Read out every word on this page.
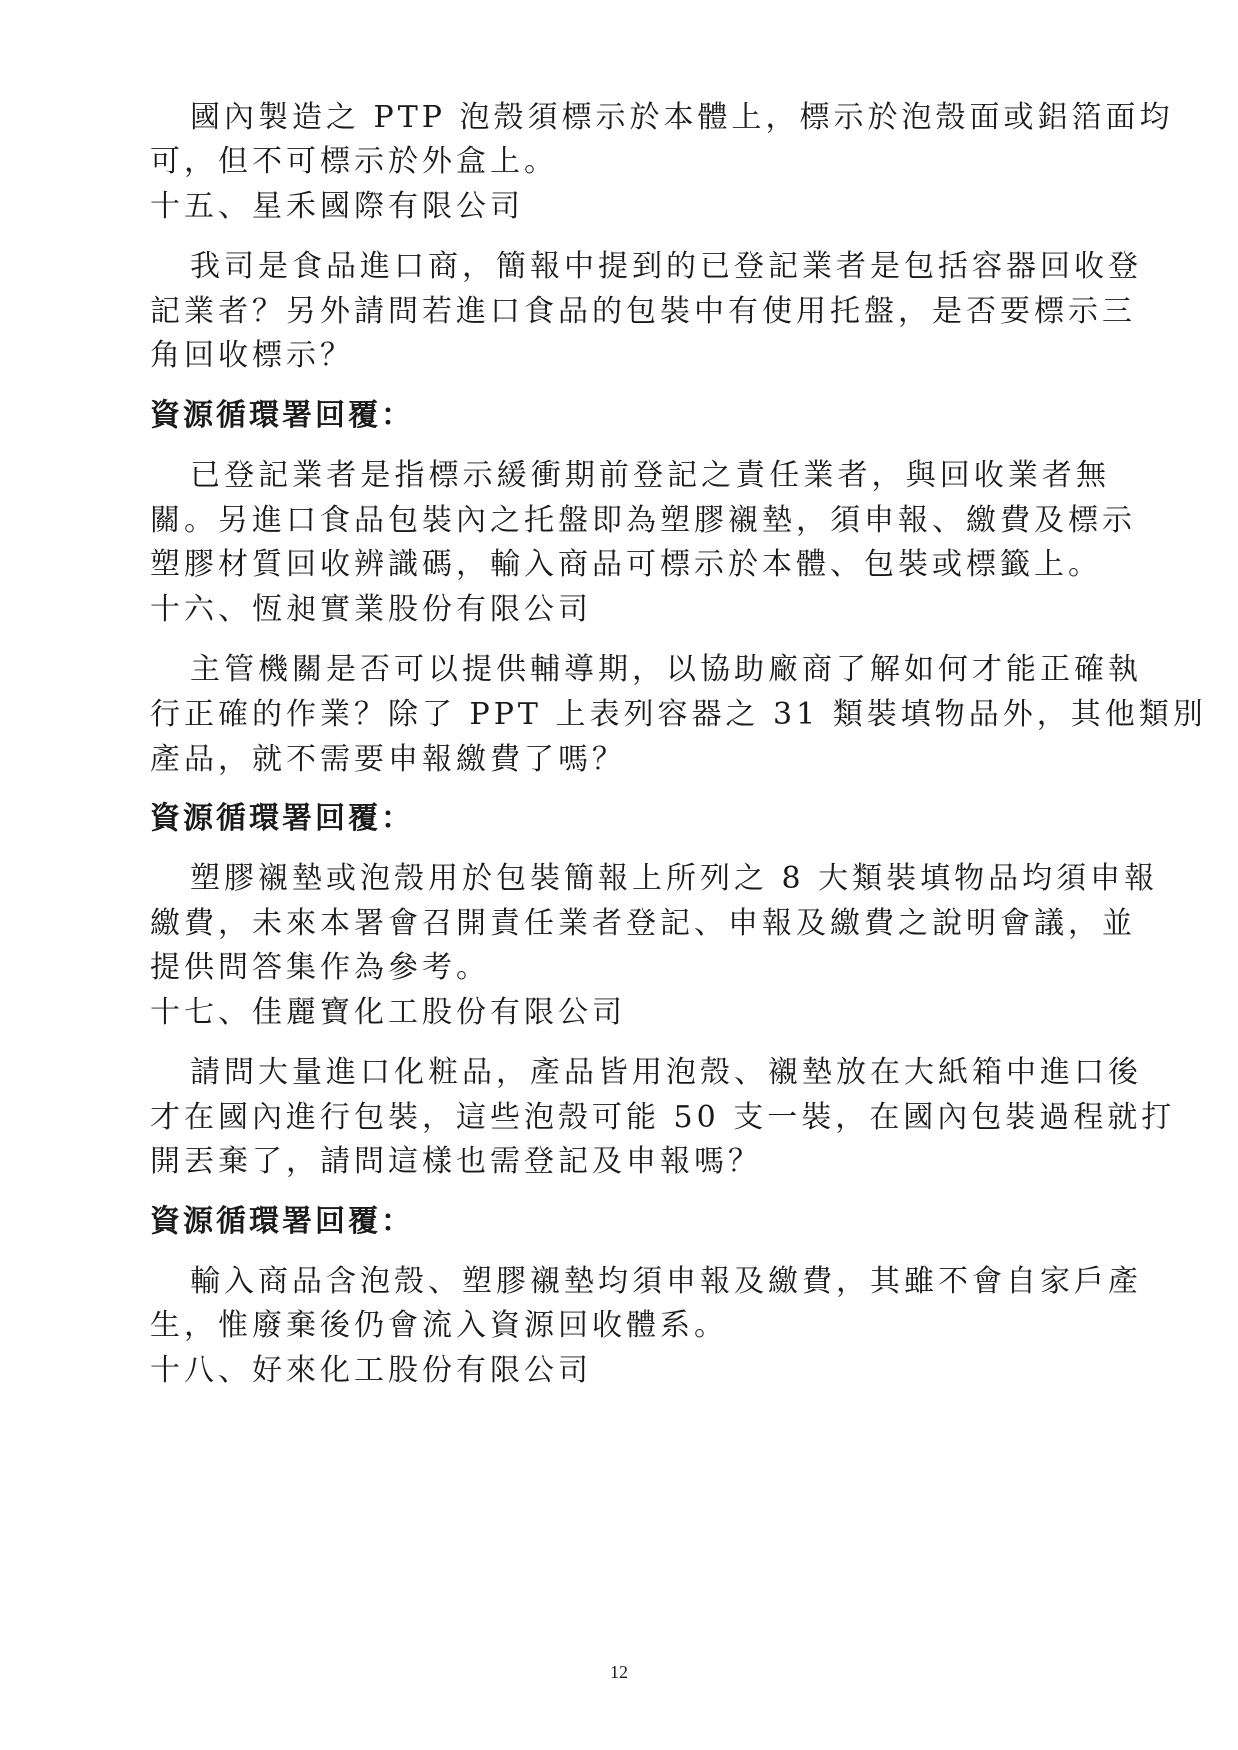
國內製造之 PTP 泡殼須標示於本體上，標示於泡殼面或鋁箔面均

可，但不可標示於外盒上。

十五、星禾國際有限公司

我司是食品進口商，簡報中提到的已登記業者是包括容器回收登

記業者？另外請問若進口食品的包裝中有使用托盤，是否要標示三

角回收標示？

資源循環署回覆：

已登記業者是指標示緩衝期前登記之責任業者，與回收業者無

關。另進口食品包裝內之托盤即為塑膠襯墊，須申報、繳費及標示

塑膠材質回收辨識碼，輸入商品可標示於本體、包裝或標籤上。

十六、恆昶實業股份有限公司

主管機關是否可以提供輔導期，以協助廠商了解如何才能正確執

行正確的作業？除了 PPT 上表列容器之 31 類裝填物品外，其他類別

產品，就不需要申報繳費了嗎？

資源循環署回覆：

塑膠襯墊或泡殼用於包裝簡報上所列之 8 大類裝填物品均須申報

繳費，未來本署會召開責任業者登記、申報及繳費之說明會議，並

提供問答集作為參考。

十七、佳麗寶化工股份有限公司

請問大量進口化粧品，產品皆用泡殼、襯墊放在大紙箱中進口後

才在國內進行包裝，這些泡殼可能 50 支一裝，在國內包裝過程就打

開丟棄了，請問這樣也需登記及申報嗎？

資源循環署回覆：

輸入商品含泡殼、塑膠襯墊均須申報及繳費，其雖不會自家戶產

生，惟廢棄後仍會流入資源回收體系。

十八、好來化工股份有限公司

12
